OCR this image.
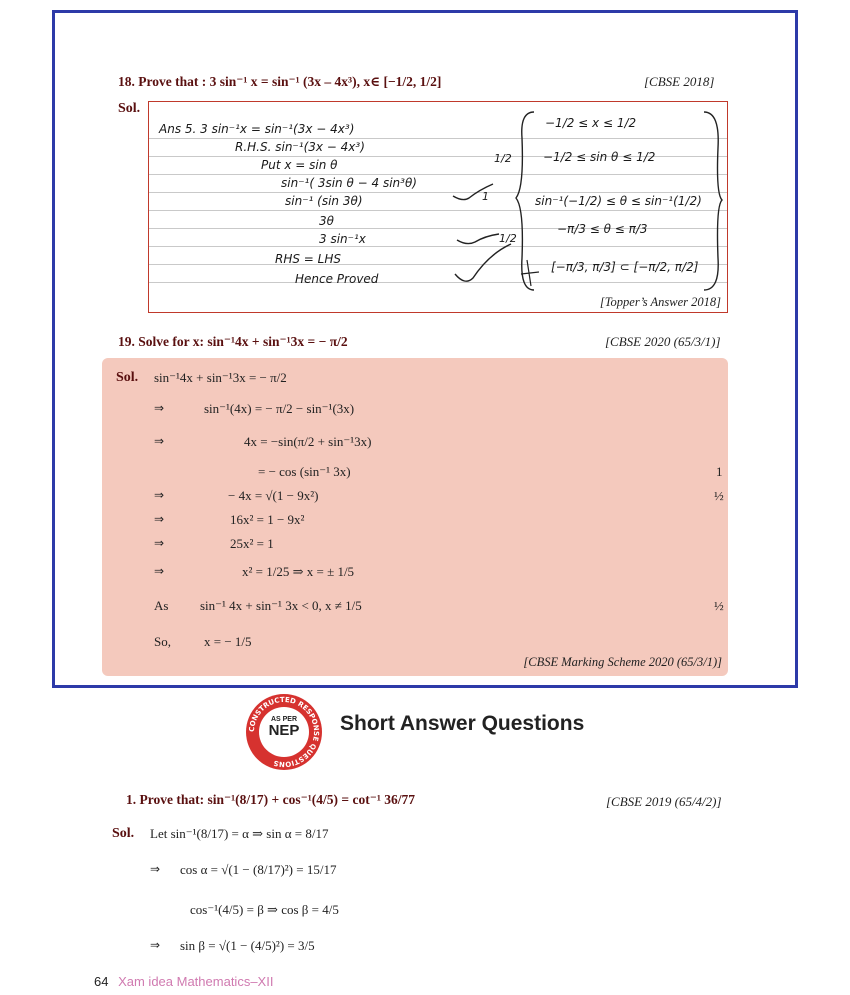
18. Prove that : 3 sin⁻¹ x = sin⁻¹ (3x – 4x³), x∈ [−1/2, 1/2]	[CBSE 2018]
Sol.
Ans 5. 3 sin⁻¹x = sin⁻¹(3x − 4x³)
R.H.S. sin⁻¹(3x − 4x³)
Put x = sin θ
sin⁻¹( 3sin θ − 4 sin³θ)
sin⁻¹ (sin 3θ)
3θ
3 sin⁻¹x
RHS = LHS
Hence Proved
1/2
1
1/2
−1/2 ≤ x ≤ 1/2
−1/2 ≤ sin θ ≤ 1/2
sin⁻¹(−1/2) ≤ θ ≤ sin⁻¹(1/2)
−π/3 ≤ θ ≤ π/3
[−π/3, π/3] ⊂ [−π/2, π/2]
[Topper’s Answer 2018]
19. Solve for x: sin⁻¹4x + sin⁻¹3x = − π/2	[CBSE 2020 (65/3/1)]
Sol. sin⁻¹4x + sin⁻¹3x = − π/2
⇒	sin⁻¹(4x) = − π/2 − sin⁻¹(3x)
⇒	4x = −sin(π/2 + sin⁻¹3x)
= − cos (sin⁻¹ 3x)	1
⇒	− 4x = √(1 − 9x²)	½
⇒	16x² = 1 − 9x²
⇒	25x² = 1
⇒	x² = 1/25 ⇒ x = ± 1/5
As sin⁻¹ 4x + sin⁻¹ 3x < 0, x ≠ 1/5	½
So,	x = − 1/5
[CBSE Marking Scheme 2020 (65/3/1)]
CONSTRUCTED RESPONSE QUESTIONS
AS PER
NEP	Short Answer Questions
1. Prove that: sin⁻¹(8/17) + cos⁻¹(4/5) = cot⁻¹ 36/77	[CBSE 2019 (65/4/2)]
Sol. Let sin⁻¹(8/17) = α ⇒ sin α = 8/17
⇒ cos α = √(1 − (8/17)²) = 15/17
cos⁻¹(4/5) = β ⇒ cos β = 4/5
⇒ sin β = √(1 − (4/5)²) = 3/5
64 Xam idea Mathematics–XII
